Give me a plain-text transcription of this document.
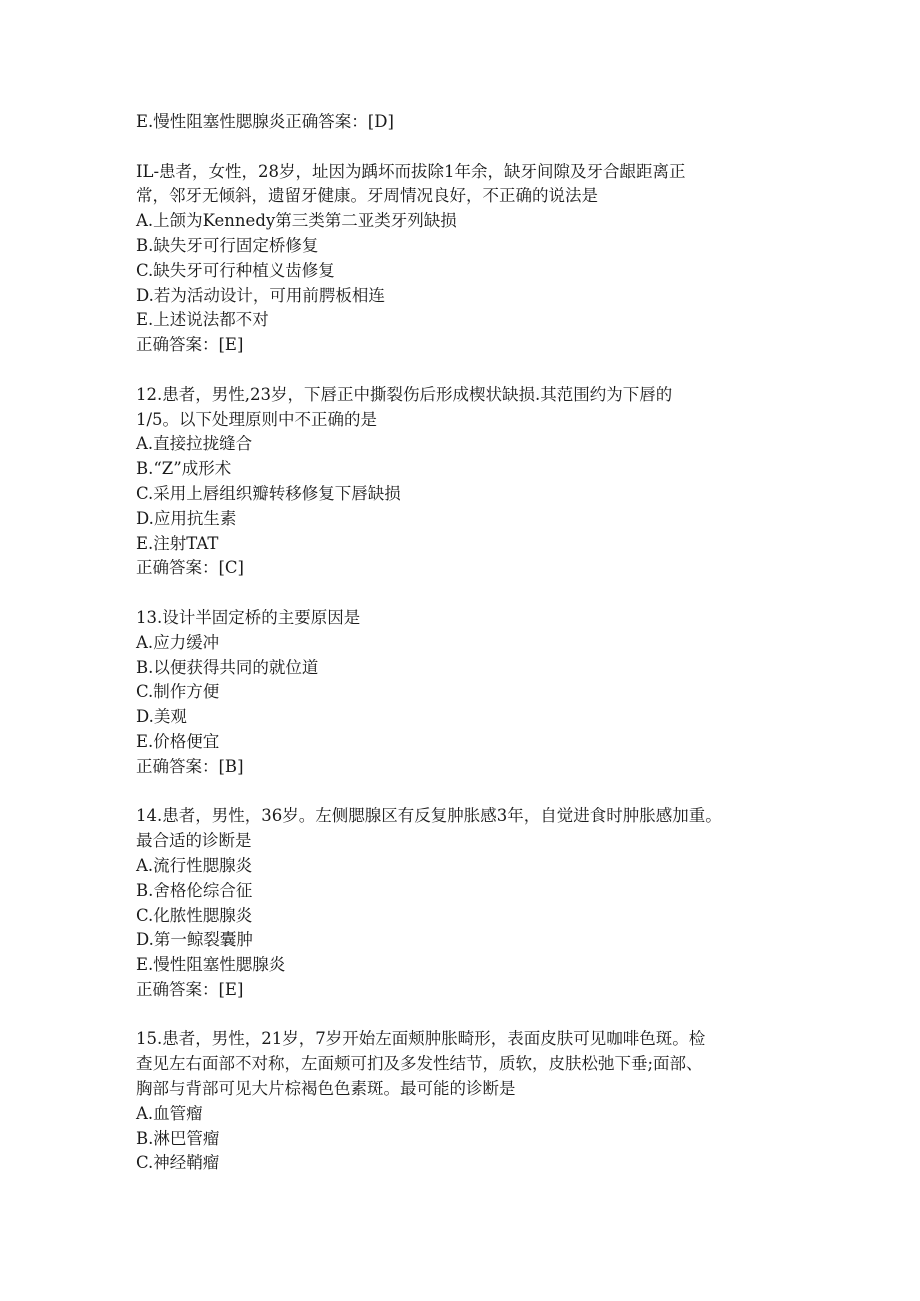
E.慢性阻塞性腮腺炎正确答案：[D]
IL-患者，女性，28岁，址因为踽坏而拔除1年余，缺牙间隙及牙合龈距离正
常，邻牙无倾斜，遗留牙健康。牙周情况良好，不正确的说法是
A.上颌为Kennedy第三类第二亚类牙列缺损
B.缺失牙可行固定桥修复
C.缺失牙可行种植义齿修复
D.若为活动设计，可用前腭板相连
E.上述说法都不对
正确答案：[E]
12.患者，男性,23岁，下唇正中撕裂伤后形成楔状缺损.其范围约为下唇的
1/5。以下处理原则中不正确的是
A.直接拉拢缝合
B.“Z”成形术
C.采用上唇组织瓣转移修复下唇缺损
D.应用抗生素
E.注射TAT
正确答案：[C]
13.设计半固定桥的主要原因是
A.应力缓冲
B.以便获得共同的就位道
C.制作方便
D.美观
E.价格便宜
正确答案：[B]
14.患者，男性，36岁。左侧腮腺区有反复肿胀感3年，自觉进食时肿胀感加重。
最合适的诊断是
A.流行性腮腺炎
B.舍格伦综合征
C.化脓性腮腺炎
D.第一鲸裂囊肿
E.慢性阻塞性腮腺炎
正确答案：[E]
15.患者，男性，21岁，7岁开始左面颊肿胀畸形，表面皮肤可见咖啡色斑。检
查见左右面部不对称，左面颊可扪及多发性结节，质软，皮肤松弛下垂;面部、
胸部与背部可见大片棕褐色色素斑。最可能的诊断是
A.血管瘤
B.淋巴管瘤
C.神经鞘瘤
